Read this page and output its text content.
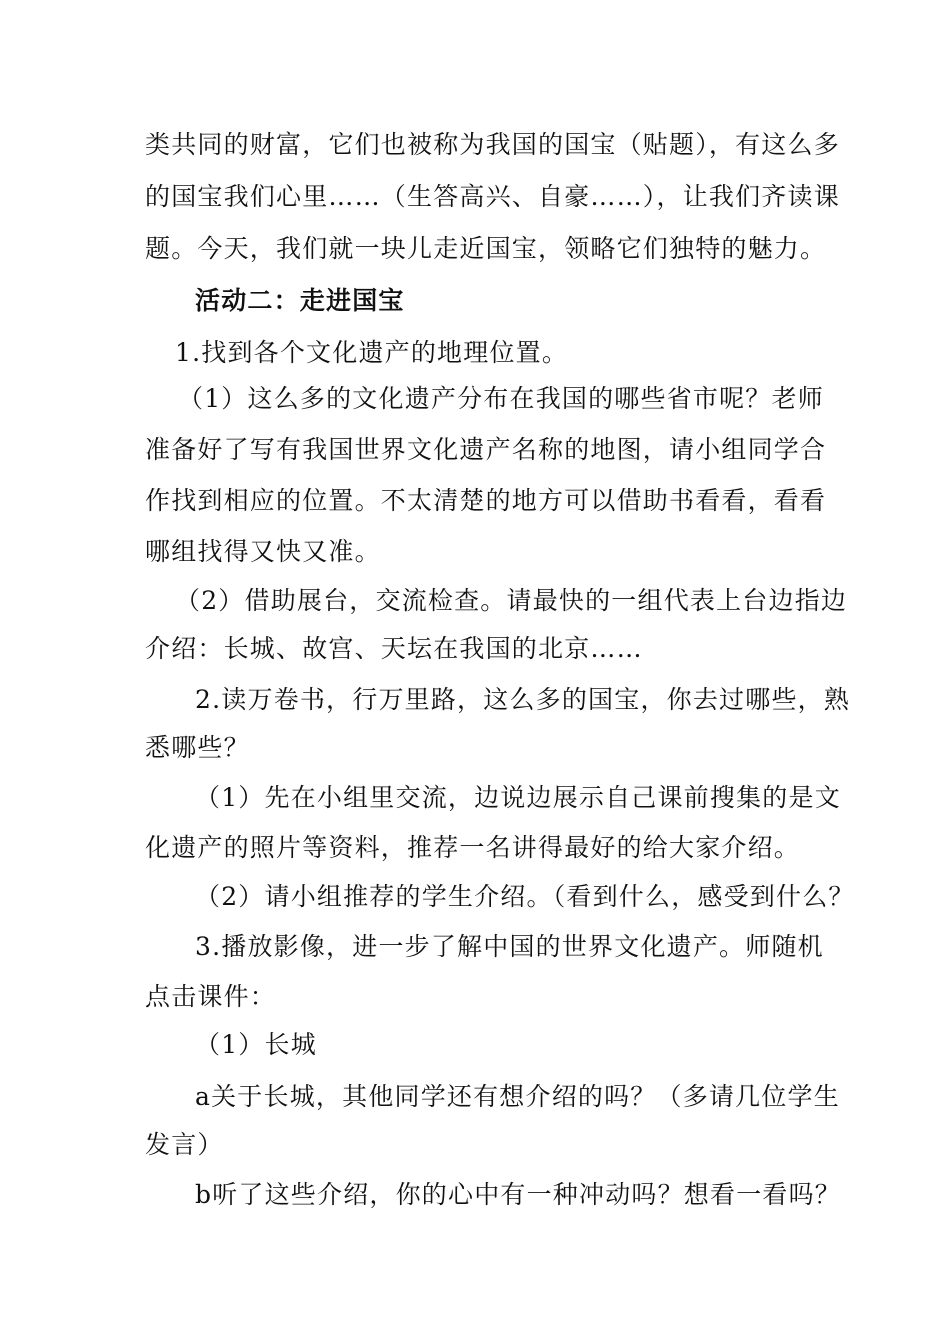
类共同的财富，它们也被称为我国的国宝（贴题），有这么多
的国宝我们心里……（生答高兴、自豪……），让我们齐读课
题。今天，我们就一块儿走近国宝，领略它们独特的魅力。
活动二：走进国宝
1.找到各个文化遗产的地理位置。
（1）这么多的文化遗产分布在我国的哪些省市呢？老师
准备好了写有我国世界文化遗产名称的地图，请小组同学合
作找到相应的位置。不太清楚的地方可以借助书看看，看看
哪组找得又快又准。
（2）借助展台，交流检查。请最快的一组代表上台边指边
介绍：长城、故宫、天坛在我国的北京……
2.读万卷书，行万里路，这么多的国宝，你去过哪些，熟
悉哪些？
（1）先在小组里交流，边说边展示自己课前搜集的是文
化遗产的照片等资料，推荐一名讲得最好的给大家介绍。
（2）请小组推荐的学生介绍。（看到什么，感受到什么？
3.播放影像，进一步了解中国的世界文化遗产。师随机
点击课件：
（1）长城
a关于长城，其他同学还有想介绍的吗？（多请几位学生
发言）
b听了这些介绍，你的心中有一种冲动吗？想看一看吗？
